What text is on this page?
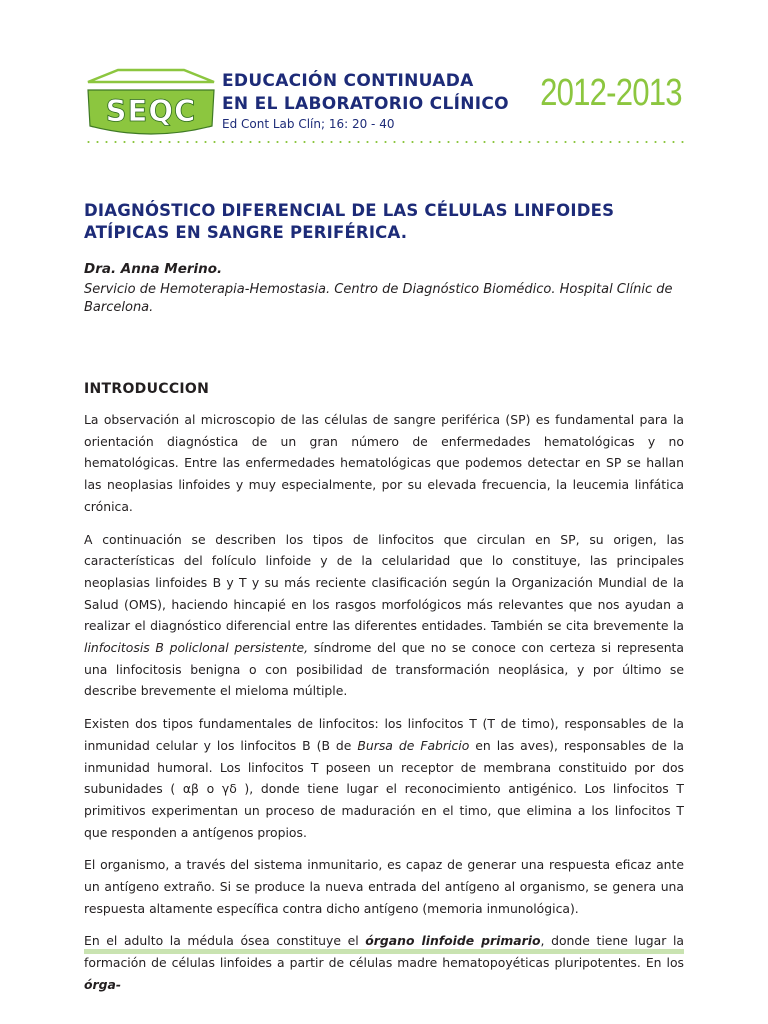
SEQC
EDUCACIÓN CONTINUADA
EN EL LABORATORIO CLÍNICO
Ed Cont Lab Clín; 16: 20 - 40
2012-2013
DIAGNÓSTICO DIFERENCIAL DE LAS CÉLULAS LINFOIDES
ATÍPICAS EN SANGRE PERIFÉRICA.
Dra. Anna Merino.
Servicio de Hemoterapia-Hemostasia. Centro de Diagnóstico Biomédico. Hospital Clínic de Barcelona.
INTRODUCCION

La observación al microscopio de las células de sangre periférica (SP) es fundamental para la orientación diagnóstica de un gran número de enfermedades hematológicas y no hematológicas. Entre las enfermedades hematológicas que podemos detectar en SP se hallan las neoplasias linfoides y muy especialmente, por su elevada frecuencia, la leucemia linfática crónica.

A continuación se describen los tipos de linfocitos que circulan en SP, su origen, las características del folículo linfoide y de la celularidad que lo constituye, las principales neoplasias linfoides B y T y su más reciente clasificación según la Organización Mundial de la Salud (OMS), haciendo hincapié en los rasgos morfológicos más relevantes que nos ayudan a realizar el diagnóstico diferencial entre las diferentes entidades. También se cita brevemente la linfocitosis B policlonal persistente, síndrome del que no se conoce con certeza si representa una linfocitosis benigna o con posibilidad de transformación neoplásica, y por último se describe brevemente el mieloma múltiple.

Existen dos tipos fundamentales de linfocitos: los linfocitos T (T de timo), responsables de la inmunidad celular y los linfocitos B (B de Bursa de Fabricio en las aves), responsables de la inmunidad humoral. Los linfocitos T poseen un receptor de membrana constituido por dos subunidades ( αβ o γδ ), donde tiene lugar el reconocimiento antigénico. Los linfocitos T primitivos experimentan un proceso de maduración en el timo, que elimina a los linfocitos T que responden a antígenos propios.

El organismo, a través del sistema inmunitario, es capaz de generar una respuesta eficaz ante un antígeno extraño. Si se produce la nueva entrada del antígeno al organismo, se genera una respuesta altamente específica contra dicho antígeno (memoria inmunológica).

En el adulto la médula ósea constituye el órgano linfoide primario, donde tiene lugar la formación de células linfoides a partir de células madre hematopoyéticas pluripotentes. En los órga-
